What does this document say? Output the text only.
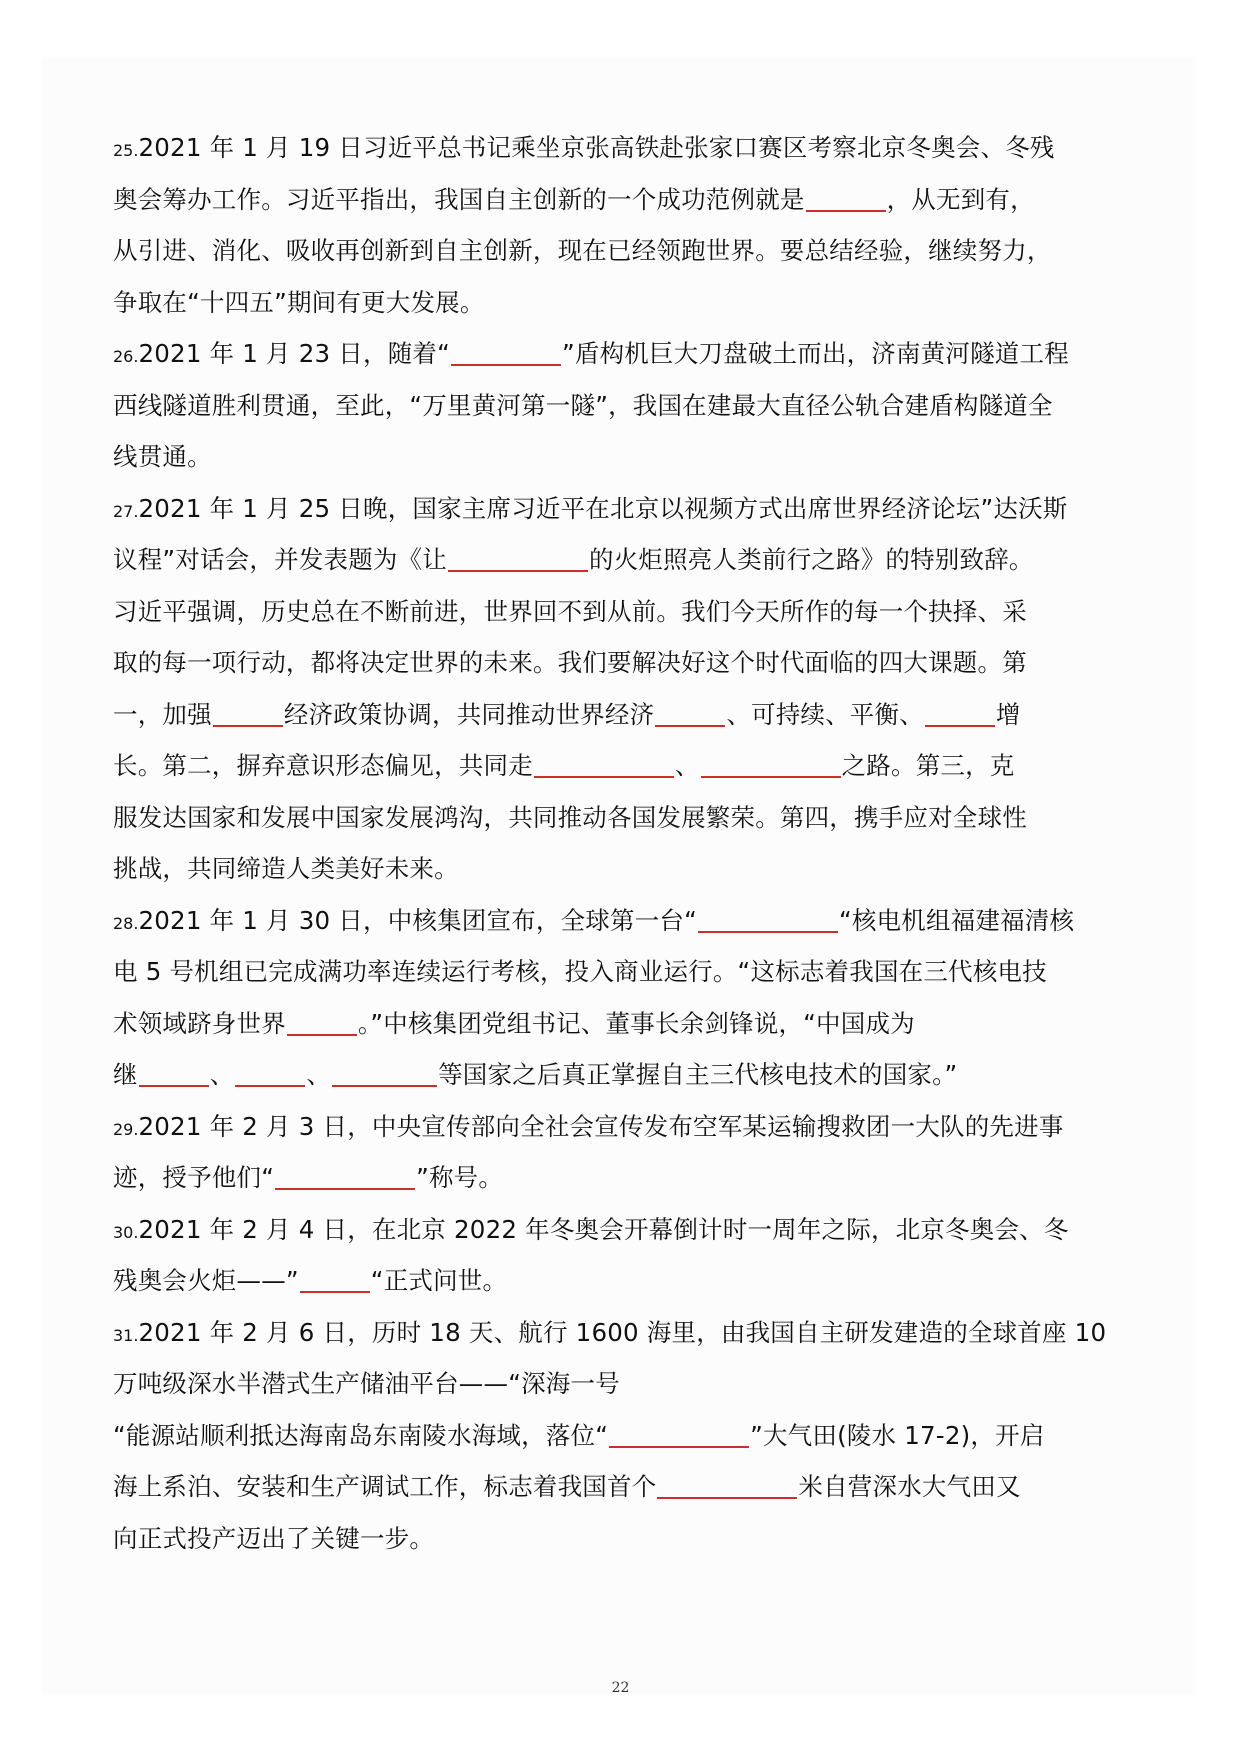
25.2021 年 1 月 19 日习近平总书记乘坐京张高铁赴张家口赛区考察北京冬奥会、冬残
奥会筹办工作。习近平指出，我国自主创新的一个成功范例就是	，从无到有，
从引进、消化、吸收再创新到自主创新，现在已经领跑世界。要总结经验，继续努力，
争取在“十四五”期间有更大发展。
26.2021 年 1 月 23 日，随着“	”盾构机巨大刀盘破土而出，济南黄河隧道工程
西线隧道胜利贯通，至此，“万里黄河第一隧”，我国在建最大直径公轨合建盾构隧道全
线贯通。
27.2021 年 1 月 25 日晚，国家主席习近平在北京以视频方式出席世界经济论坛”达沃斯
议程”对话会，并发表题为《让	的火炬照亮人类前行之路》的特别致辞。
习近平强调，历史总在不断前进，世界回不到从前。我们今天所作的每一个抉择、采
取的每一项行动，都将决定世界的未来。我们要解决好这个时代面临的四大课题。第
一，加强	经济政策协调，共同推动世界经济	、可持续、平衡、	增
长。第二，摒弃意识形态偏见，共同走	、	之路。第三，克
服发达国家和发展中国家发展鸿沟，共同推动各国发展繁荣。第四，携手应对全球性
挑战，共同缔造人类美好未来。
28.2021 年 1 月 30 日，中核集团宣布，全球第一台“	“核电机组福建福清核
电 5 号机组已完成满功率连续运行考核，投入商业运行。“这标志着我国在三代核电技
术领域跻身世界	。”中核集团党组书记、董事长余剑锋说，“中国成为
继	、	、	等国家之后真正掌握自主三代核电技术的国家。”
29.2021 年 2 月 3 日，中央宣传部向全社会宣传发布空军某运输搜救团一大队的先进事
迹，授予他们“	”称号。
30.2021 年 2 月 4 日，在北京 2022 年冬奥会开幕倒计时一周年之际，北京冬奥会、冬
残奥会火炬——”	“正式问世。
31.2021 年 2 月 6 日，历时 18 天、航行 1600 海里，由我国自主研发建造的全球首座 10
万吨级深水半潜式生产储油平台——“深海一号
“能源站顺利抵达海南岛东南陵水海域，落位“	”大气田(陵水 17-2)，开启
海上系泊、安装和生产调试工作，标志着我国首个	米自营深水大气田又
向正式投产迈出了关键一步。
22
